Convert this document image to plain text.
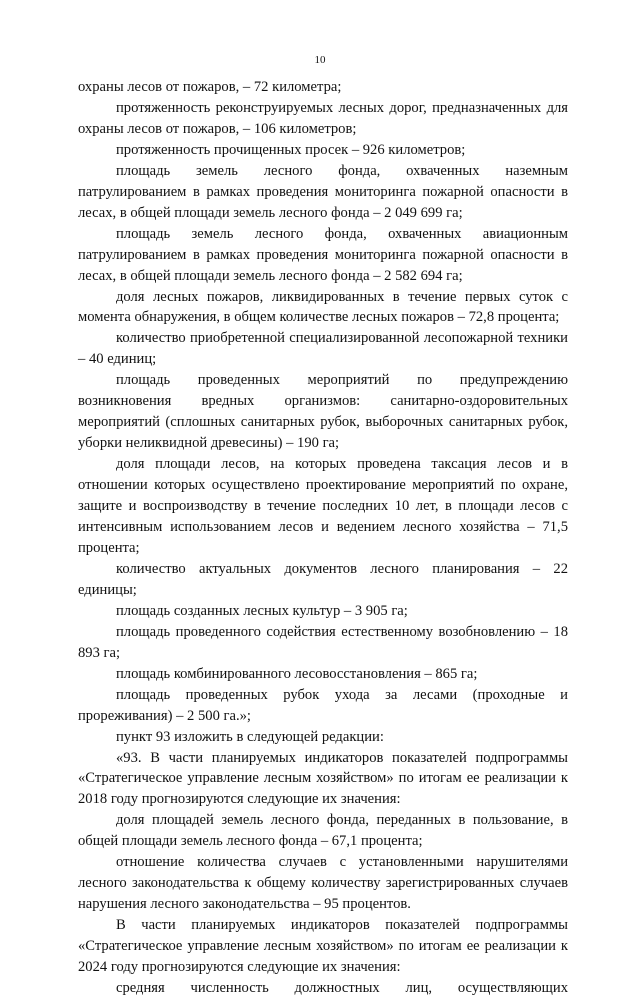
10

охраны лесов от пожаров, – 72 километра;

протяженность реконструируемых лесных дорог, предназначенных для охраны лесов от пожаров, – 106 километров;

протяженность прочищенных просек – 926 километров;

площадь земель лесного фонда, охваченных наземным патрулированием в рамках проведения мониторинга пожарной опасности в лесах, в общей площади земель лесного фонда – 2 049 699 га;

площадь земель лесного фонда, охваченных авиационным патрулированием в рамках проведения мониторинга пожарной опасности в лесах, в общей площади земель лесного фонда – 2 582 694 га;

доля лесных пожаров, ликвидированных в течение первых суток с момента обнаружения, в общем количестве лесных пожаров – 72,8 процента;

количество приобретенной специализированной лесопожарной техники – 40 единиц;

площадь проведенных мероприятий по предупреждению возникновения вредных организмов: санитарно-оздоровительных мероприятий (сплошных санитарных рубок, выборочных санитарных рубок, уборки неликвидной древесины) – 190 га;

доля площади лесов, на которых проведена таксация лесов и в отношении которых осуществлено проектирование мероприятий по охране, защите и воспроизводству в течение последних 10 лет, в площади лесов с интенсивным использованием лесов и ведением лесного хозяйства – 71,5 процента;

количество актуальных документов лесного планирования – 22 единицы;

площадь созданных лесных культур – 3 905 га;

площадь проведенного содействия естественному возобновлению – 18 893 га;

площадь комбинированного лесовосстановления – 865 га;

площадь проведенных рубок ухода за лесами (проходные и прореживания) – 2 500 га.»;

пункт 93 изложить в следующей редакции:

«93. В части планируемых индикаторов показателей подпрограммы «Стратегическое управление лесным хозяйством» по итогам ее реализации к 2018 году прогнозируются следующие их значения:

доля площадей земель лесного фонда, переданных в пользование, в общей площади земель лесного фонда – 67,1 процента;

отношение количества случаев с установленными нарушителями лесного законодательства к общему количеству зарегистрированных случаев нарушения лесного законодательства – 95 процентов.

В части планируемых индикаторов показателей подпрограммы «Стратегическое управление лесным хозяйством» по итогам ее реализации к 2024 году прогнозируются следующие их значения:

средняя численность должностных лиц, осуществляющих
